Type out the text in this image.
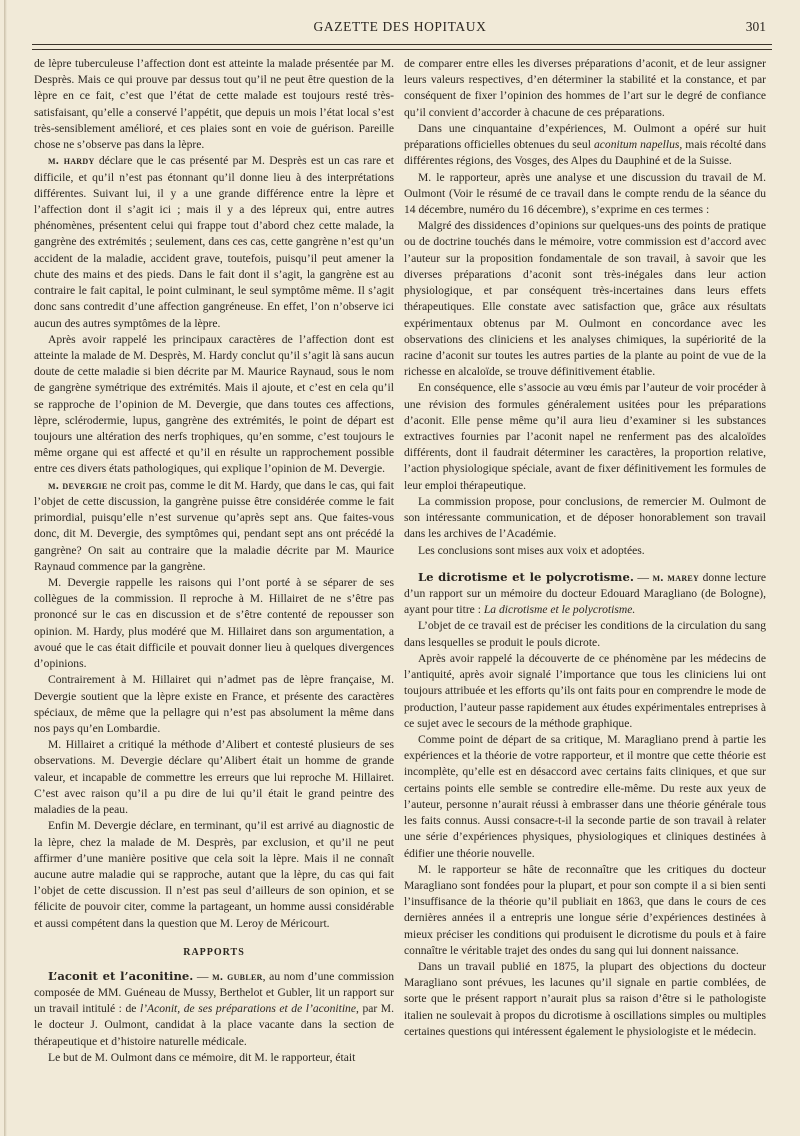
GAZETTE DES HOPITAUX	301

de lèpre tuberculeuse l’affection dont est atteinte la malade présentée par M. Desprès. Mais ce qui prouve par dessus tout qu’il ne peut être question de la lèpre en ce fait, c’est que l’état de cette malade est toujours resté très-satisfaisant, qu’elle a conservé l’appétit, que depuis un mois l’état local s’est très-sensiblement amélioré, et ces plaies sont en voie de guérison. Pareille chose ne s’observe pas dans la lèpre.

m. hardy déclare que le cas présenté par M. Desprès est un cas rare et difficile, et qu’il n’est pas étonnant qu’il donne lieu à des interprétations différentes. Suivant lui, il y a une grande différence entre la lèpre et l’affection dont il s’agit ici ; mais il y a des lépreux qui, entre autres phénomènes, présentent celui qui frappe tout d’abord chez cette malade, la gangrène des extrémités ; seulement, dans ces cas, cette gangrène n’est qu’un accident de la maladie, accident grave, toutefois, puisqu’il peut amener la chute des mains et des pieds. Dans le fait dont il s’agit, la gangrène est au contraire le fait capital, le point culminant, le seul symptôme même. Il s’agit donc sans contredit d’une affection gangréneuse. En effet, l’on n’observe ici aucun des autres symptômes de la lèpre.

Après avoir rappelé les principaux caractères de l’affection dont est atteinte la malade de M. Desprès, M. Hardy conclut qu’il s’agit là sans aucun doute de cette maladie si bien décrite par M. Maurice Raynaud, sous le nom de gangrène symétrique des extrémités. Mais il ajoute, et c’est en cela qu’il se rapproche de l’opinion de M. Devergie, que dans toutes ces affections, lèpre, sclérodermie, lupus, gangrène des extrémités, le point de départ est toujours une altération des nerfs trophiques, qu’en somme, c’est toujours le même organe qui est affecté et qu’il en résulte un rapprochement possible entre ces divers états pathologiques, qui explique l’opinion de M. Devergie.

m. devergie ne croit pas, comme le dit M. Hardy, que dans le cas, qui fait l’objet de cette discussion, la gangrène puisse être considérée comme le fait primordial, puisqu’elle n’est survenue qu’après sept ans. Que faites-vous donc, dit M. Devergie, des symptômes qui, pendant sept ans ont précédé la gangrène? On sait au contraire que la maladie décrite par M. Maurice Raynaud commence par la gangrène.

M. Devergie rappelle les raisons qui l’ont porté à se séparer de ses collègues de la commission. Il reproche à M. Hillairet de ne s’être pas prononcé sur le cas en discussion et de s’être contenté de repousser son opinion. M. Hardy, plus modéré que M. Hillairet dans son argumentation, a avoué que le cas était difficile et pouvait donner lieu à quelques divergences d’opinions.

Contrairement à M. Hillairet qui n’admet pas de lèpre française, M. Devergie soutient que la lèpre existe en France, et présente des caractères spéciaux, de même que la pellagre qui n’est pas absolument la même dans nos pays qu’en Lombardie.

M. Hillairet a critiqué la méthode d’Alibert et contesté plusieurs de ses observations. M. Devergie déclare qu’Alibert était un homme de grande valeur, et incapable de commettre les erreurs que lui reproche M. Hillairet. C’est avec raison qu’il a pu dire de lui qu’il était le grand peintre des maladies de la peau.

Enfin M. Devergie déclare, en terminant, qu’il est arrivé au diagnostic de la lèpre, chez la malade de M. Desprès, par exclusion, et qu’il ne peut affirmer d’une manière positive que cela soit la lèpre. Mais il ne connaît aucune autre maladie qui se rapproche, autant que la lèpre, du cas qui fait l’objet de cette discussion. Il n’est pas seul d’ailleurs de son opinion, et se félicite de pouvoir citer, comme la partageant, un homme aussi considérable et aussi compétent dans la question que M. Leroy de Méricourt.

RAPPORTS

L’aconit et l’aconitine. — m. gubler, au nom d’une commission composée de MM. Guéneau de Mussy, Berthelot et Gubler, lit un rapport sur un travail intitulé : de l’Aconit, de ses préparations et de l’aconitine, par M. le docteur J. Oulmont, candidat à la place vacante dans la section de thérapeutique et d’histoire naturelle médicale.

Le but de M. Oulmont dans ce mémoire, dit M. le rapporteur, était

de comparer entre elles les diverses préparations d’aconit, et de leur assigner leurs valeurs respectives, d’en déterminer la stabilité et la constance, et par conséquent de fixer l’opinion des hommes de l’art sur le degré de confiance qu’il convient d’accorder à chacune de ces préparations.

Dans une cinquantaine d’expériences, M. Oulmont a opéré sur huit préparations officielles obtenues du seul aconitum napellus, mais récolté dans différentes régions, des Vosges, des Alpes du Dauphiné et de la Suisse.

M. le rapporteur, après une analyse et une discussion du travail de M. Oulmont (Voir le résumé de ce travail dans le compte rendu de la séance du 14 décembre, numéro du 16 décembre), s’exprime en ces termes :

Malgré des dissidences d’opinions sur quelques-uns des points de pratique ou de doctrine touchés dans le mémoire, votre commission est d’accord avec l’auteur sur la proposition fondamentale de son travail, à savoir que les diverses préparations d’aconit sont très-inégales dans leur action physiologique, et par conséquent très-incertaines dans leurs effets thérapeutiques. Elle constate avec satisfaction que, grâce aux résultats expérimentaux obtenus par M. Oulmont en concordance avec les observations des cliniciens et les analyses chimiques, la supériorité de la racine d’aconit sur toutes les autres parties de la plante au point de vue de la richesse en alcaloïde, se trouve définitivement établie.

En conséquence, elle s’associe au vœu émis par l’auteur de voir procéder à une révision des formules généralement usitées pour les préparations d’aconit. Elle pense même qu’il aura lieu d’examiner si les substances extractives fournies par l’aconit napel ne renferment pas des alcaloïdes différents, dont il faudrait déterminer les caractères, la proportion relative, l’action physiologique spéciale, avant de fixer définitivement les formules de leur emploi thérapeutique.

La commission propose, pour conclusions, de remercier M. Oulmont de son intéressante communication, et de déposer honorablement son travail dans les archives de l’Académie.

Les conclusions sont mises aux voix et adoptées.

Le dicrotisme et le polycrotisme. — m. marey donne lecture d’un rapport sur un mémoire du docteur Edouard Maragliano (de Bologne), ayant pour titre : La dicrotisme et le polycrotisme.

L’objet de ce travail est de préciser les conditions de la circulation du sang dans lesquelles se produit le pouls dicrote.

Après avoir rappelé la découverte de ce phénomène par les médecins de l’antiquité, après avoir signalé l’importance que tous les cliniciens lui ont toujours attribuée et les efforts qu’ils ont faits pour en comprendre le mode de production, l’auteur passe rapidement aux études expérimentales entreprises à ce sujet avec le secours de la méthode graphique.

Comme point de départ de sa critique, M. Maragliano prend à partie les expériences et la théorie de votre rapporteur, et il montre que cette théorie est incomplète, qu’elle est en désaccord avec certains faits cliniques, et que sur certains points elle semble se contredire elle-même. Du reste aux yeux de l’auteur, personne n’aurait réussi à embrasser dans une théorie générale tous les faits connus. Aussi consacre-t-il la seconde partie de son travail à relater une série d’expériences physiques, physiologiques et cliniques destinées à édifier une théorie nouvelle.

M. le rapporteur se hâte de reconnaître que les critiques du docteur Maragliano sont fondées pour la plupart, et pour son compte il a si bien senti l’insuffisance de la théorie qu’il publiait en 1863, que dans le cours de ces dernières années il a entrepris une longue série d’expériences destinées à mieux préciser les conditions qui produisent le dicrotisme du pouls et à faire connaître le véritable trajet des ondes du sang qui lui donnent naissance.

Dans un travail publié en 1875, la plupart des objections du docteur Maragliano sont prévues, les lacunes qu’il signale en partie comblées, de sorte que le présent rapport n’aurait plus sa raison d’être si le pathologiste italien ne soulevait à propos du dicrotisme à oscillations simples ou multiples certaines questions qui intéressent également le physiologiste et le médecin.
